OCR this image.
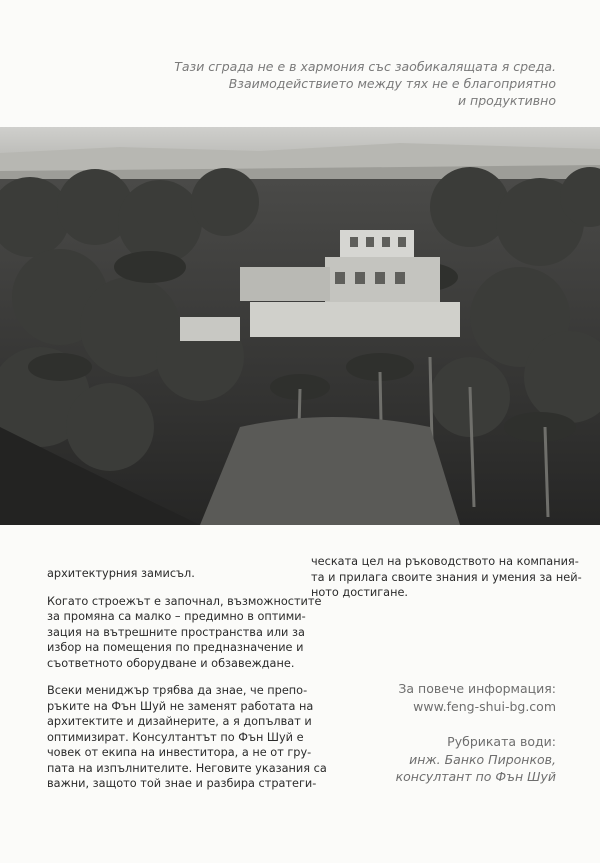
Тази сграда не е в хармония със заобикалящата я среда.
Взаимодействието между тях не е благоприятно
и продуктивно

архитектурния замисъл.

Когато строежът е започнал, възможностите
за промяна са малко – предимно в оптими-
зация на вътрешните пространства или за
избор на помещения по предназначение и
съответното оборудване и обзавеждане.

Всеки мениджър трябва да знае, че препо-
ръките на Фън Шуй не заменят работата на
архитектите и дизайнерите, а я допълват и
оптимизират. Консултантът по Фън Шуй е
човек от екипа на инвеститора, а не от гру-
пата на изпълнителите. Неговите указания са
важни, защото той знае и разбира стратеги-

ческата цел на ръководството на компания-
та и прилага своите знания и умения за ней-
ното достигане.

За повече информация:
www.feng-shui-bg.com
Рубриката води:
инж. Банко Пиронков,
консултант по Фън Шуй
